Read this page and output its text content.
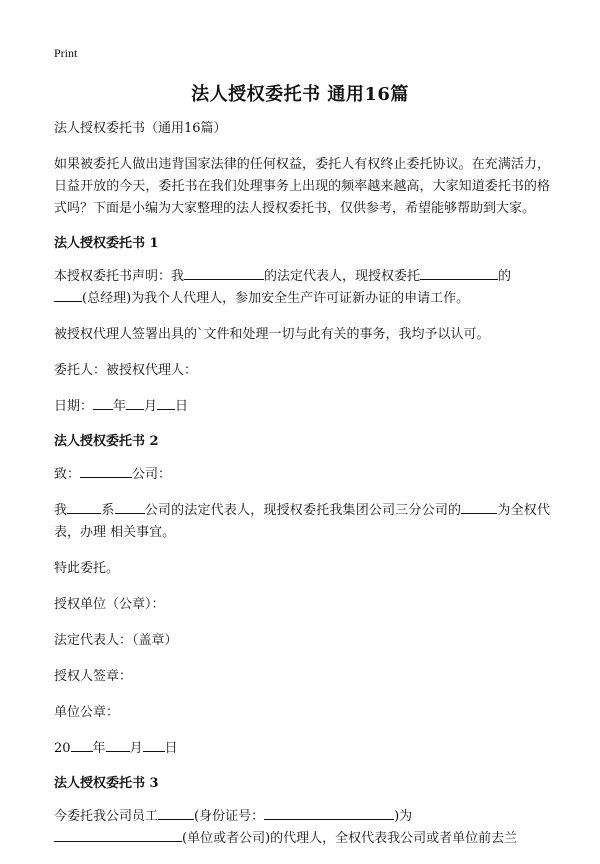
Print
法人授权委托书 通用16篇

法人授权委托书（通用16篇）

如果被委托人做出违背国家法律的任何权益，委托人有权终止委托协议。在充满活力，日益开放的今天，委托书在我们处理事务上出现的频率越来越高，大家知道委托书的格式吗？下面是小编为大家整理的法人授权委托书，仅供参考，希望能够帮助到大家。

法人授权委托书 1

本授权委托书声明：我	的法定代表人，现授权委托	的
(总经理)为我个人代理人，参加安全生产许可证新办证的申请工作。

被授权代理人签署出具的`文件和处理一切与此有关的事务，我均予以认可。

委托人：被授权代理人：

日期： 年 月 日

法人授权委托书 2

致：	公司：

我	系 公司的法定代表人，现授权委托我集团公司三分公司的	为全权代表，办理 相关事宜。

特此委托。

授权单位（公章）：

法定代表人：（盖章）

授权人签章：

单位公章：

20 年 月 日

法人授权委托书 3

今委托我公司员工	(身份证号：	)为
(单位或者公司)的代理人，全权代表我公司或者单位前去兰
